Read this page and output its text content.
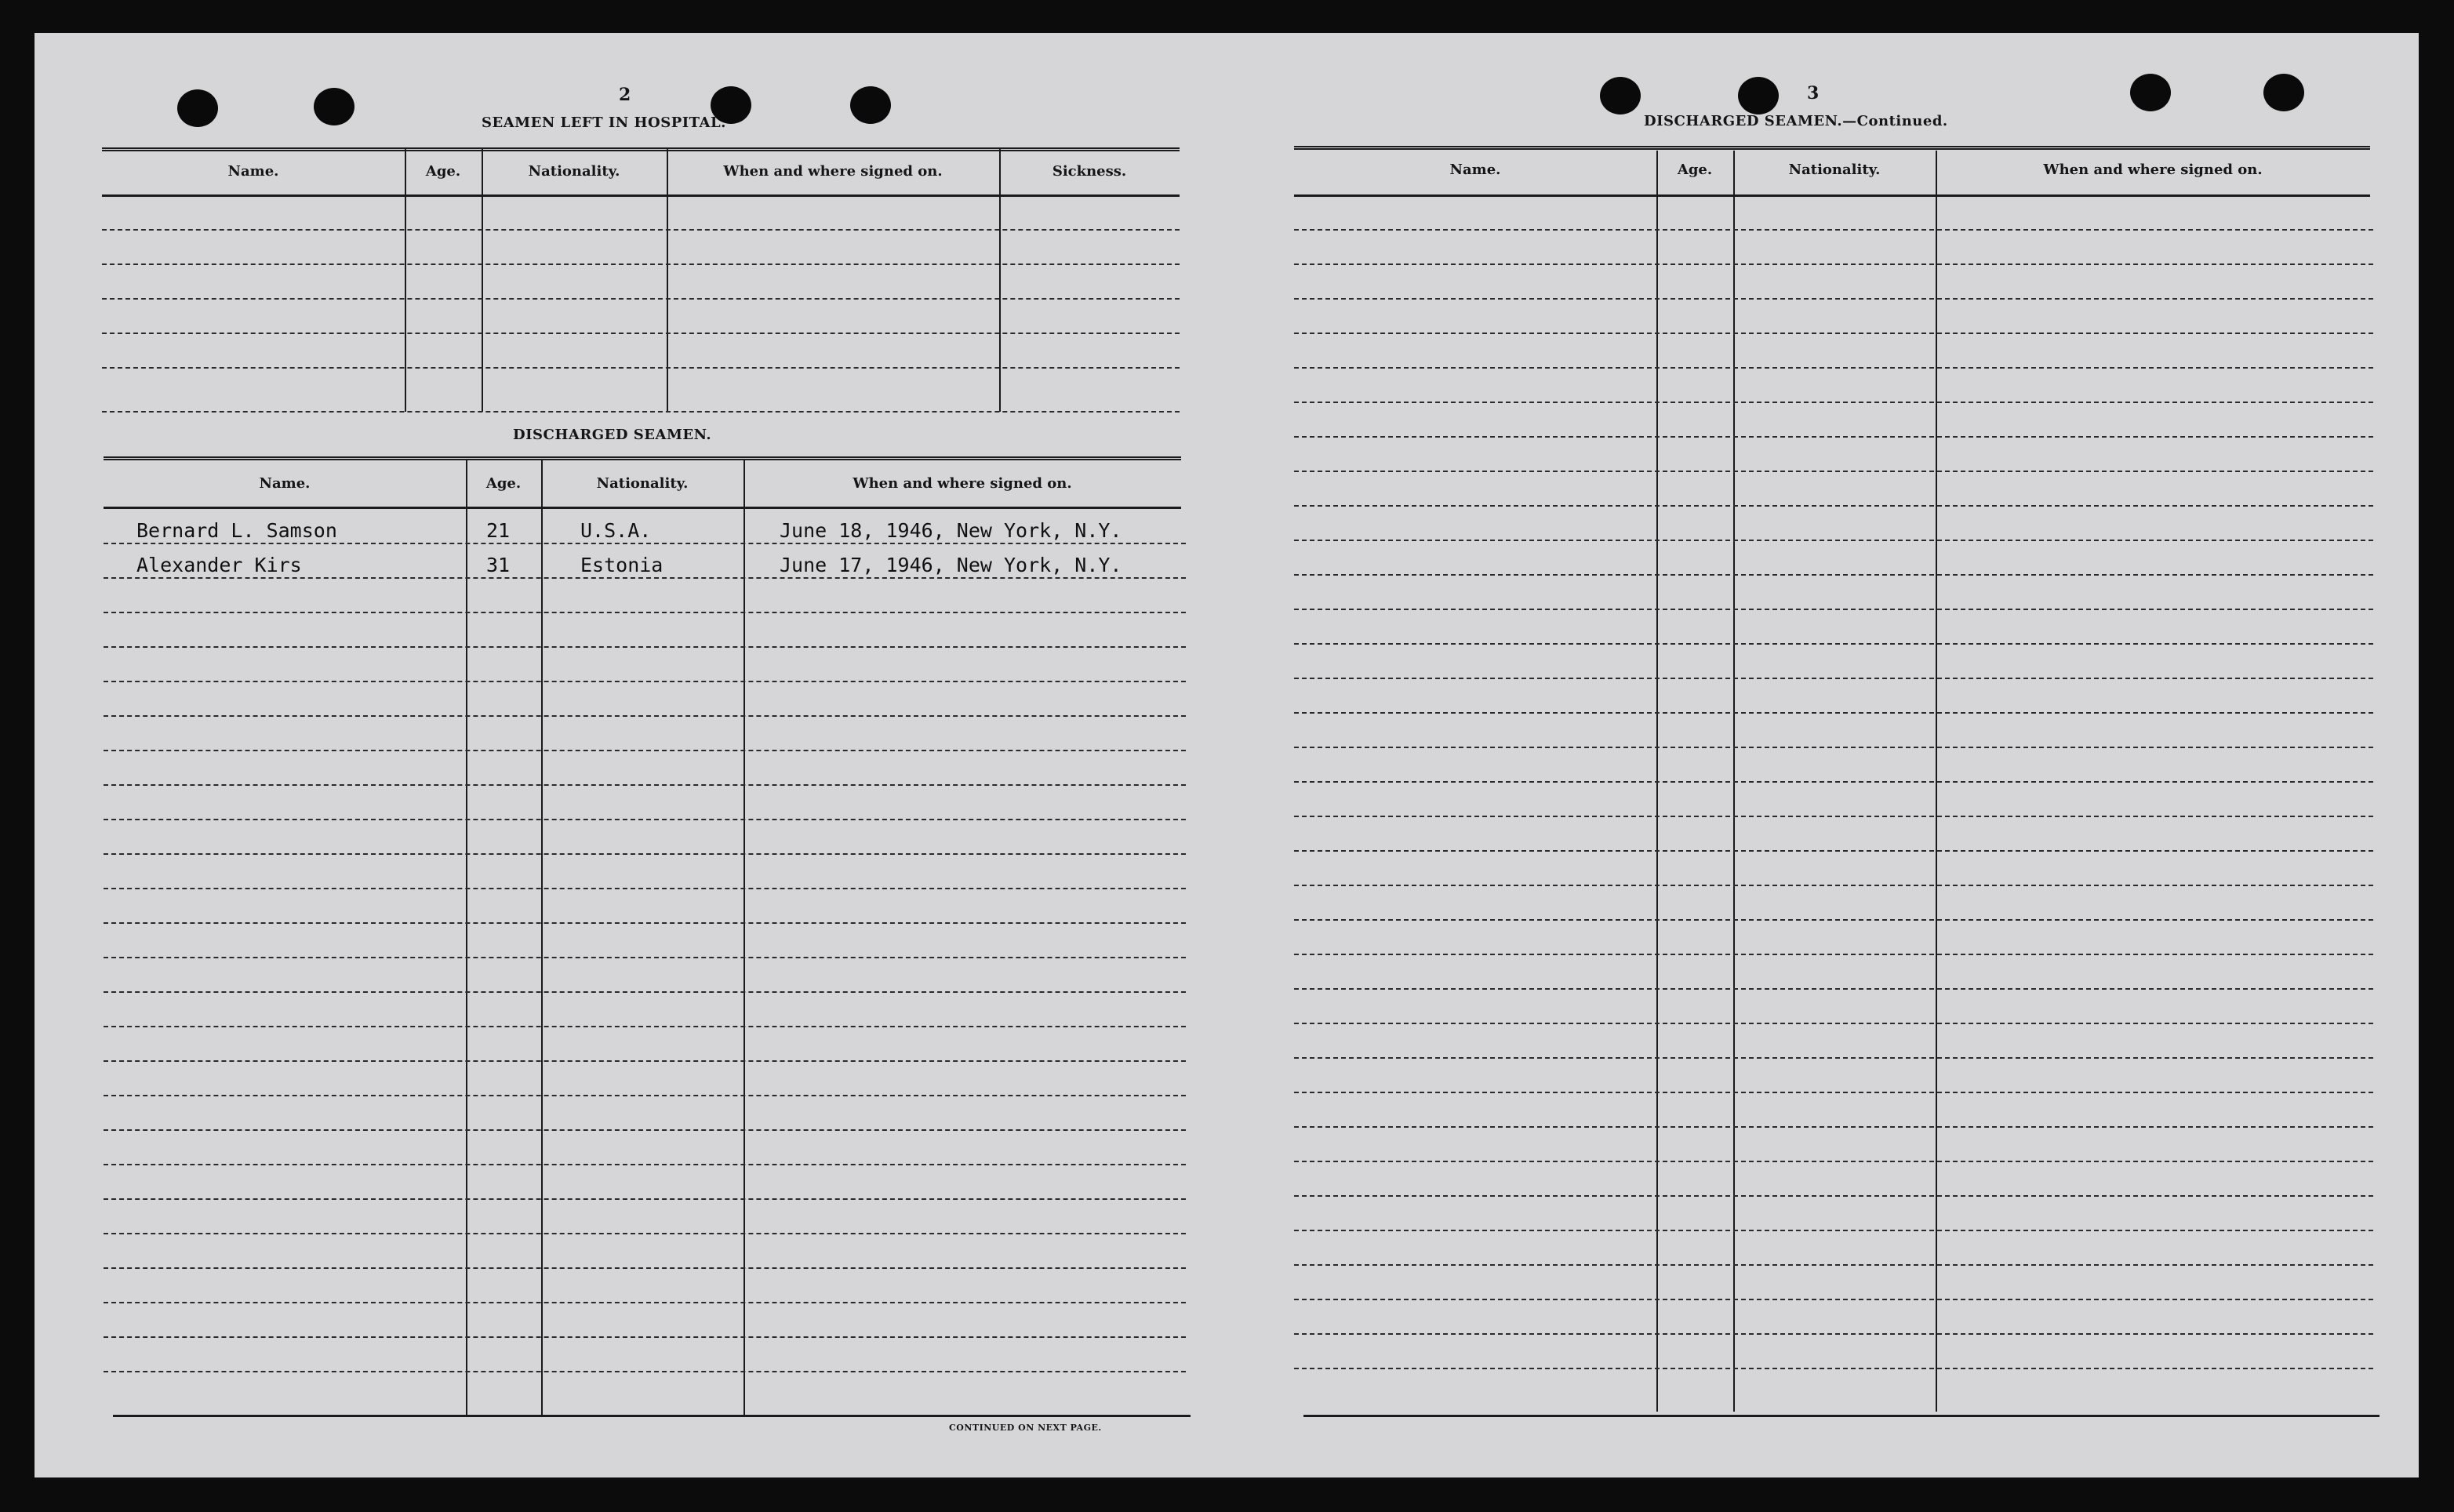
2
SEAMEN LEFT IN HOSPITAL.
Name.	Age.	Nationality.	When and where signed on.	Sickness.
DISCHARGED SEAMEN.
Name.	Age.	Nationality.	When and where signed on.
Bernard L. Samson	21	U.S.A.	June 18, 1946, New York, N.Y.
Alexander Kirs	31	Estonia	June 17, 1946, New York, N.Y.
CONTINUED ON NEXT PAGE.
3
DISCHARGED SEAMEN.—Continued.
Name.	Age.	Nationality.	When and where signed on.
